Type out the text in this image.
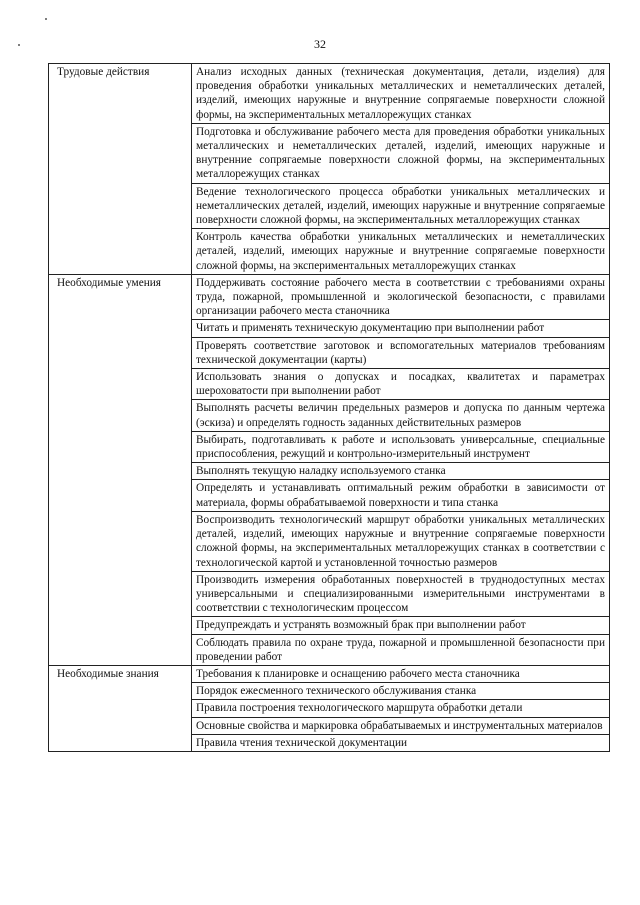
32
Трудовые действия	Анализ исходных данных (техническая документация, детали, изделия) для проведения обработки уникальных металлических и неметаллических деталей, изделий, имеющих наружные и внутренние сопрягаемые поверхности сложной формы, на экспериментальных металлорежущих станках
	Подготовка и обслуживание рабочего места для проведения обработки уникальных металлических и неметаллических деталей, изделий, имеющих наружные и внутренние сопрягаемые поверхности сложной формы, на экспериментальных металлорежущих станках
	Ведение технологического процесса обработки уникальных металлических и неметаллических деталей, изделий, имеющих наружные и внутренние сопрягаемые поверхности сложной формы, на экспериментальных металлорежущих станках
	Контроль качества обработки уникальных металлических и неметаллических деталей, изделий, имеющих наружные и внутренние сопрягаемые поверхности сложной формы, на экспериментальных металлорежущих станках
Необходимые умения	Поддерживать состояние рабочего места в соответствии с требованиями охраны труда, пожарной, промышленной и экологической безопасности, с правилами организации рабочего места станочника
	Читать и применять техническую документацию при выполнении работ
	Проверять соответствие заготовок и вспомогательных материалов требованиям технической документации (карты)
	Использовать знания о допусках и посадках, квалитетах и параметрах шероховатости при выполнении работ
	Выполнять расчеты величин предельных размеров и допуска по данным чертежа (эскиза) и определять годность заданных действительных размеров
	Выбирать, подготавливать к работе и использовать универсальные, специальные приспособления, режущий и контрольно-измерительный инструмент
	Выполнять текущую наладку используемого станка
	Определять и устанавливать оптимальный режим обработки в зависимости от материала, формы обрабатываемой поверхности и типа станка
	Воспроизводить технологический маршрут обработки уникальных металлических деталей, изделий, имеющих наружные и внутренние сопрягаемые поверхности сложной формы, на экспериментальных металлорежущих станках в соответствии с технологической картой и установленной точностью размеров
	Производить измерения обработанных поверхностей в труднодоступных местах универсальными и специализированными измерительными инструментами в соответствии с технологическим процессом
	Предупреждать и устранять возможный брак при выполнении работ
	Соблюдать правила по охране труда, пожарной и промышленной безопасности при проведении работ
Необходимые знания	Требования к планировке и оснащению рабочего места станочника
	Порядок ежесменного технического обслуживания станка
	Правила построения технологического маршрута обработки детали
	Основные свойства и маркировка обрабатываемых и инструментальных материалов
	Правила чтения технической документации
